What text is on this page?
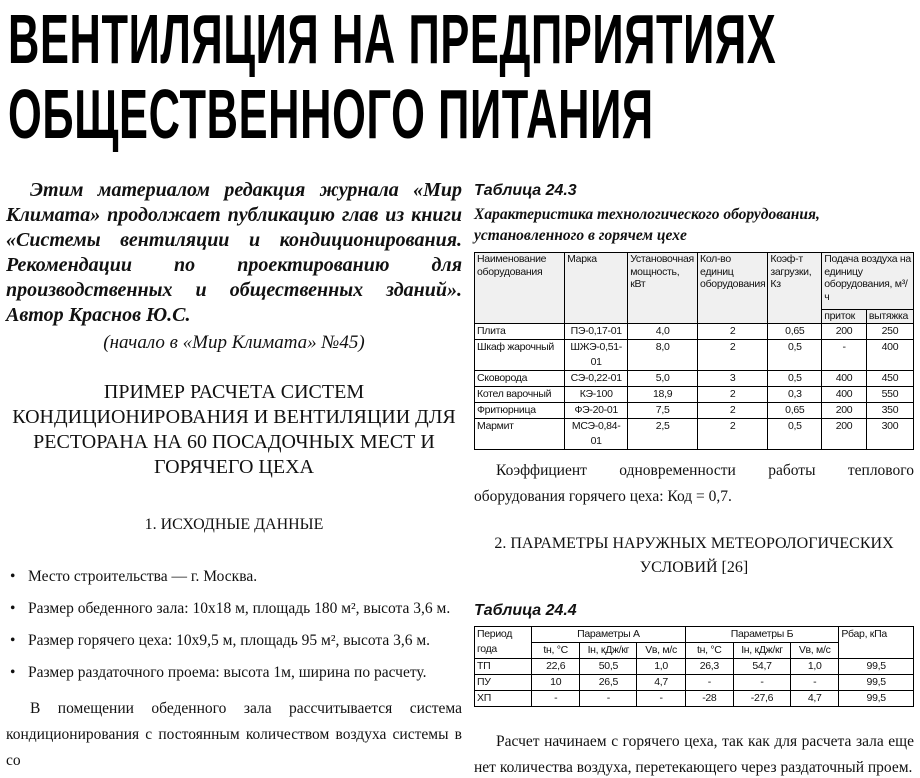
ВЕНТИЛЯЦИЯ НА ПРЕДПРИЯТИЯХ
ОБЩЕСТВЕННОГО ПИТАНИЯ

Этим материалом редакция журнала «Мир Климата» продолжает публикацию глав из книги «Системы вентиляции и кондиционирования. Рекомендации по проектированию для производственных и общественных зданий». Автор Краснов Ю.С.

(начало в «Мир Климата» №45)

ПРИМЕР РАСЧЕТА СИСТЕМ КОНДИЦИОНИРОВАНИЯ И ВЕНТИЛЯЦИИ ДЛЯ РЕСТОРАНА НА 60 ПОСАДОЧНЫХ МЕСТ И ГОРЯЧЕГО ЦЕХА

1. ИСХОДНЫЕ ДАННЫЕ

• Место строительства — г. Москва.
• Размер обеденного зала: 10х18 м, площадь 180 м², высота 3,6 м.
• Размер горячего цеха: 10х9,5 м, площадь 95 м², высота 3,6 м.
• Размер раздаточного проема: высота 1м, ширина по расчету.

В помещении обеденного зала рассчитывается система кондиционирования с постоянным количеством воздуха системы в со

Таблица 24.3

Характеристика технологического оборудования, установленного в горячем цехе

Наименование оборудования	Марка	Установочная мощность, кВт	Кол-во единиц оборудования	Коэф-т загрузки, Кз	Подача воздуха на единицу оборудования, м³/ч	
					приток	вытяжка
Плита	ПЭ-0,17-01	4,0	2	0,65	200	250
Шкаф жарочный	ШЖЭ-0,51-01	8,0	2	0,5	-	400
Сковорода	СЭ-0,22-01	5,0	3	0,5	400	450
Котел варочный	КЭ-100	18,9	2	0,3	400	550
Фритюрница	ФЭ-20-01	7,5	2	0,65	200	350
Мармит	МСЭ-0,84-01	2,5	2	0,5	200	300

Коэффициент одновременности работы теплового оборудования горячего цеха: Код = 0,7.

2. ПАРАМЕТРЫ НАРУЖНЫХ МЕТЕОРОЛОГИЧЕСКИХ УСЛОВИЙ [26]

Таблица 24.4

Период года	Параметры А			Параметры Б			Pбар, кПа
	tн, °С	Iн, кДж/кг	Vв, м/с	tн, °С	Iн, кДж/кг	Vв, м/с	
ТП	22,6	50,5	1,0	26,3	54,7	1,0	99,5
ПУ	10	26,5	4,7	-	-	-	99,5
ХП	-	-	-	-28	-27,6	4,7	99,5

Расчет начинаем с горячего цеха, так как для расчета зала еще нет количества воздуха, перетекающего через раздаточный проем.
